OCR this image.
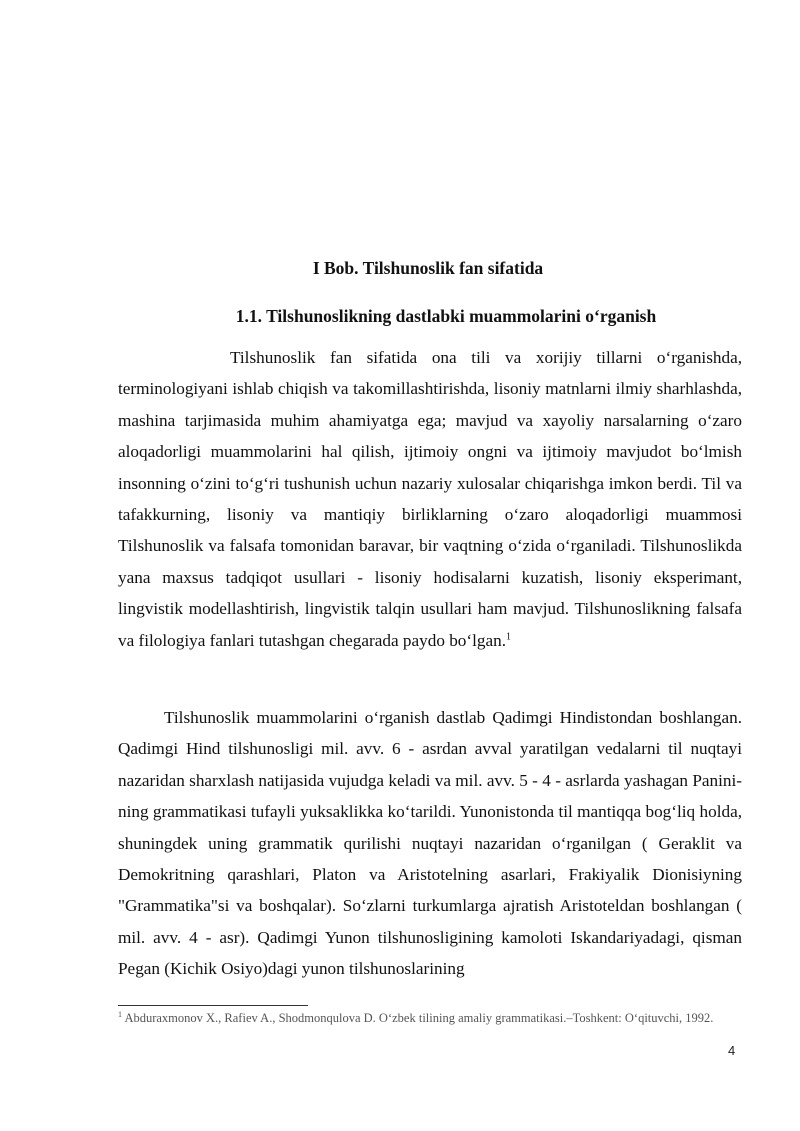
I Bob. Tilshunoslik fan sifatida
1.1. Tilshunoslikning dastlabki muammolarini o‘rganish

Tilshunoslik fan sifatida ona tili va xorijiy tillarni o‘rganishda, terminologiyani ishlab chiqish va takomillashtirishda, lisoniy matnlarni ilmiy sharhlashda, mashina tarjimasida muhim ahamiyatga ega; mavjud va xayoliy narsalarning o‘zaro aloqadorligi muammolarini hal qilish, ijtimoiy ongni va ijtimoiy mavjudot bo‘lmish insonning o‘zini to‘g‘ri tushunish uchun nazariy xulosalar chiqarishga imkon berdi. Til va tafakkurning, lisoniy va mantiqiy birliklarning o‘zaro aloqadorligi muammosi Tilshunoslik va falsafa tomonidan baravar, bir vaqtning o‘zida o‘rganiladi. Tilshunoslikda yana maxsus tadqiqot usullari - lisoniy hodisalarni kuzatish, lisoniy eksperimant, lingvistik modellashtirish, lingvistik talqin usullari ham mavjud. Tilshunoslikning falsafa va filologiya fanlari tutashgan chegarada paydo bo‘lgan.$^1$

Tilshunoslik muammolarini o‘rganish dastlab Qadimgi Hindistondan boshlangan. Qadimgi Hind tilshunosligi mil. avv. 6 - asrdan avval yaratilgan vedalarni til nuqtayi nazaridan sharxlash natijasida vujudga keladi va mil. avv. 5 - 4 - asrlarda yashagan Paninining grammatikasi tufayli yuksaklikka ko‘tarildi. Yunonistonda til mantiqqa bog‘liq holda, shuningdek uning grammatik qurilishi nuqtayi nazaridan o‘rganilgan ( Geraklit va Demokritning qarashlari, Platon va Aristotelning asarlari, Frakiyalik Dionisiyning "Grammatika"si va boshqalar). So‘zlarni turkumlarga ajratish Aristoteldan boshlangan ( mil. avv. 4 - asr). Qadimgi Yunon tilshunosligining kamoloti Iskandariyadagi, qisman Pegan (Kichik Osiyo)dagi yunon tilshunoslarining

$^1$ Abduraxmonov X., Rafiev A., Shodmonqulova D. O‘zbek tilining amaliy grammatikasi.–Toshkent: O‘qituvchi, 1992.

4
